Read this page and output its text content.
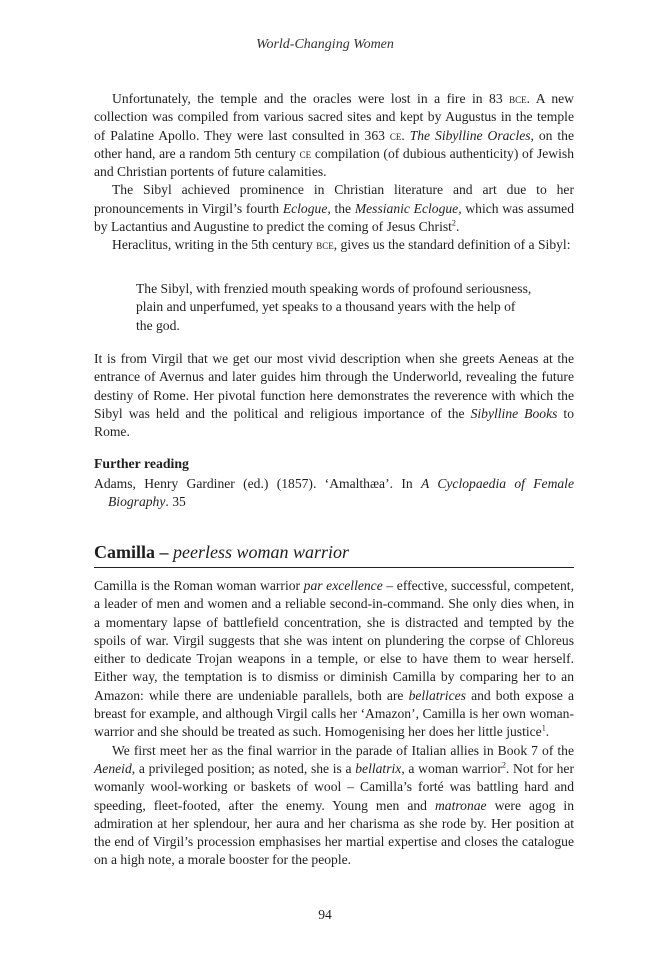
World-Changing Women

Unfortunately, the temple and the oracles were lost in a fire in 83 bce. A new collection was compiled from various sacred sites and kept by Augustus in the temple of Palatine Apollo. They were last consulted in 363 ce. The Sibylline Oracles, on the other hand, are a random 5th century ce compilation (of dubious authenticity) of Jewish and Christian portents of future calamities.

The Sibyl achieved prominence in Christian literature and art due to her pronouncements in Virgil’s fourth Eclogue, the Messianic Eclogue, which was assumed by Lactantius and Augustine to predict the coming of Jesus Christ$^2$.

Heraclitus, writing in the 5th century bce, gives us the standard definition of a Sibyl:

The Sibyl, with frenzied mouth speaking words of profound seriousness, plain and unperfumed, yet speaks to a thousand years with the help of the god.

It is from Virgil that we get our most vivid description when she greets Aeneas at the entrance of Avernus and later guides him through the Underworld, revealing the future destiny of Rome. Her pivotal function here demonstrates the reverence with which the Sibyl was held and the political and religious importance of the Sibylline Books to Rome.

Further reading
Adams, Henry Gardiner (ed.) (1857). ‘Amalthæa’. In A Cyclopaedia of Female Biography. 35
Camilla – peerless woman warrior

Camilla is the Roman woman warrior par excellence – effective, successful, competent, a leader of men and women and a reliable second-in-command. She only dies when, in a momentary lapse of battlefield concentration, she is distracted and tempted by the spoils of war. Virgil suggests that she was intent on plundering the corpse of Chloreus either to dedicate Trojan weapons in a temple, or else to have them to wear herself. Either way, the temptation is to dismiss or diminish Camilla by comparing her to an Amazon: while there are undeniable parallels, both are bellatrices and both expose a breast for example, and although Virgil calls her ‘Amazon’, Camilla is her own woman-warrior and she should be treated as such. Homogenising her does her little justice$^1$.

We first meet her as the final warrior in the parade of Italian allies in Book 7 of the Aeneid, a privileged position; as noted, she is a bellatrix, a woman warrior$^2$. Not for her womanly wool-working or baskets of wool – Camilla’s forté was battling hard and speeding, fleet-footed, after the enemy. Young men and matronae were agog in admiration at her splendour, her aura and her charisma as she rode by. Her position at the end of Virgil’s procession emphasises her martial expertise and closes the catalogue on a high note, a morale booster for the people.

94
